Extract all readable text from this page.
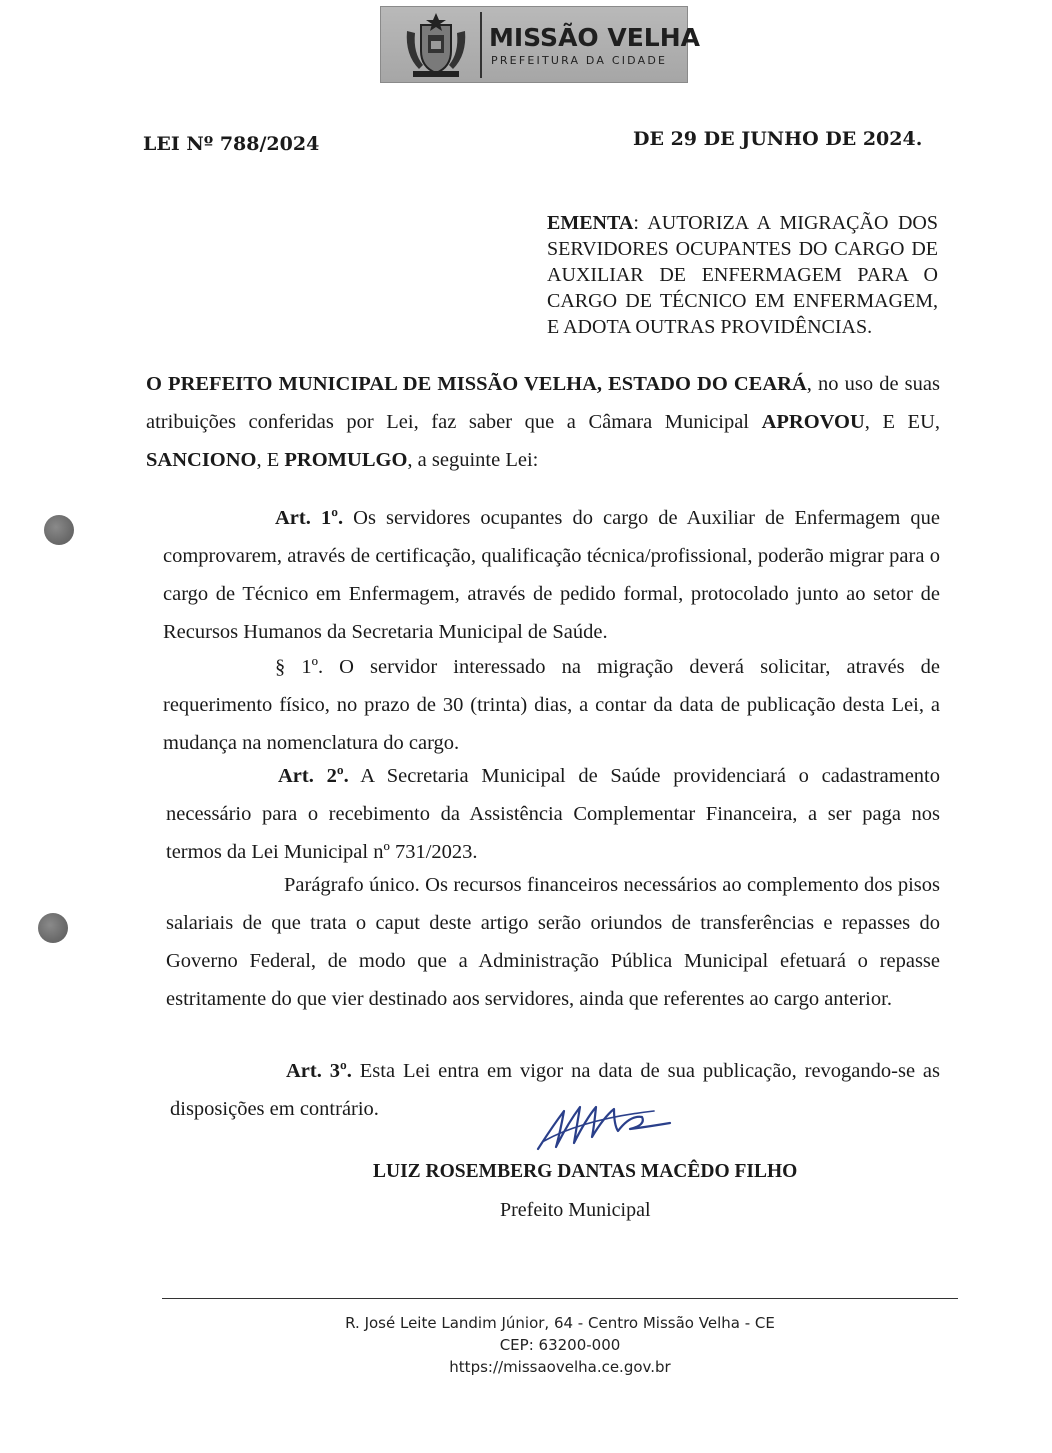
MISSÃO VELHA
PREFEITURA DA CIDADE
LEI Nº 788/2024	DE 29 DE JUNHO DE 2024.
EMENTA: AUTORIZA A MIGRAÇÃO DOS SERVIDORES OCUPANTES DO CARGO DE AUXILIAR DE ENFERMAGEM PARA O CARGO DE TÉCNICO EM ENFERMAGEM, E ADOTA OUTRAS PROVIDÊNCIAS.
O PREFEITO MUNICIPAL DE MISSÃO VELHA, ESTADO DO CEARÁ, no uso de suas atribuições conferidas por Lei, faz saber que a Câmara Municipal APROVOU, E EU, SANCIONO, E PROMULGO, a seguinte Lei:
Art. 1º. Os servidores ocupantes do cargo de Auxiliar de Enfermagem que comprovarem, através de certificação, qualificação técnica/profissional, poderão migrar para o cargo de Técnico em Enfermagem, através de pedido formal, protocolado junto ao setor de Recursos Humanos da Secretaria Municipal de Saúde.
§ 1º. O servidor interessado na migração deverá solicitar, através de requerimento físico, no prazo de 30 (trinta) dias, a contar da data de publicação desta Lei, a mudança na nomenclatura do cargo.
Art. 2º. A Secretaria Municipal de Saúde providenciará o cadastramento necessário para o recebimento da Assistência Complementar Financeira, a ser paga nos termos da Lei Municipal nº 731/2023.
Parágrafo único. Os recursos financeiros necessários ao complemento dos pisos salariais de que trata o caput deste artigo serão oriundos de transferências e repasses do Governo Federal, de modo que a Administração Pública Municipal efetuará o repasse estritamente do que vier destinado aos servidores, ainda que referentes ao cargo anterior.
Art. 3º. Esta Lei entra em vigor na data de sua publicação, revogando-se as disposições em contrário.
LUIZ ROSEMBERG DANTAS MACÊDO FILHO
Prefeito Municipal
R. José Leite Landim Júnior, 64 - Centro Missão Velha - CE
CEP: 63200-000
https://missaovelha.ce.gov.br
